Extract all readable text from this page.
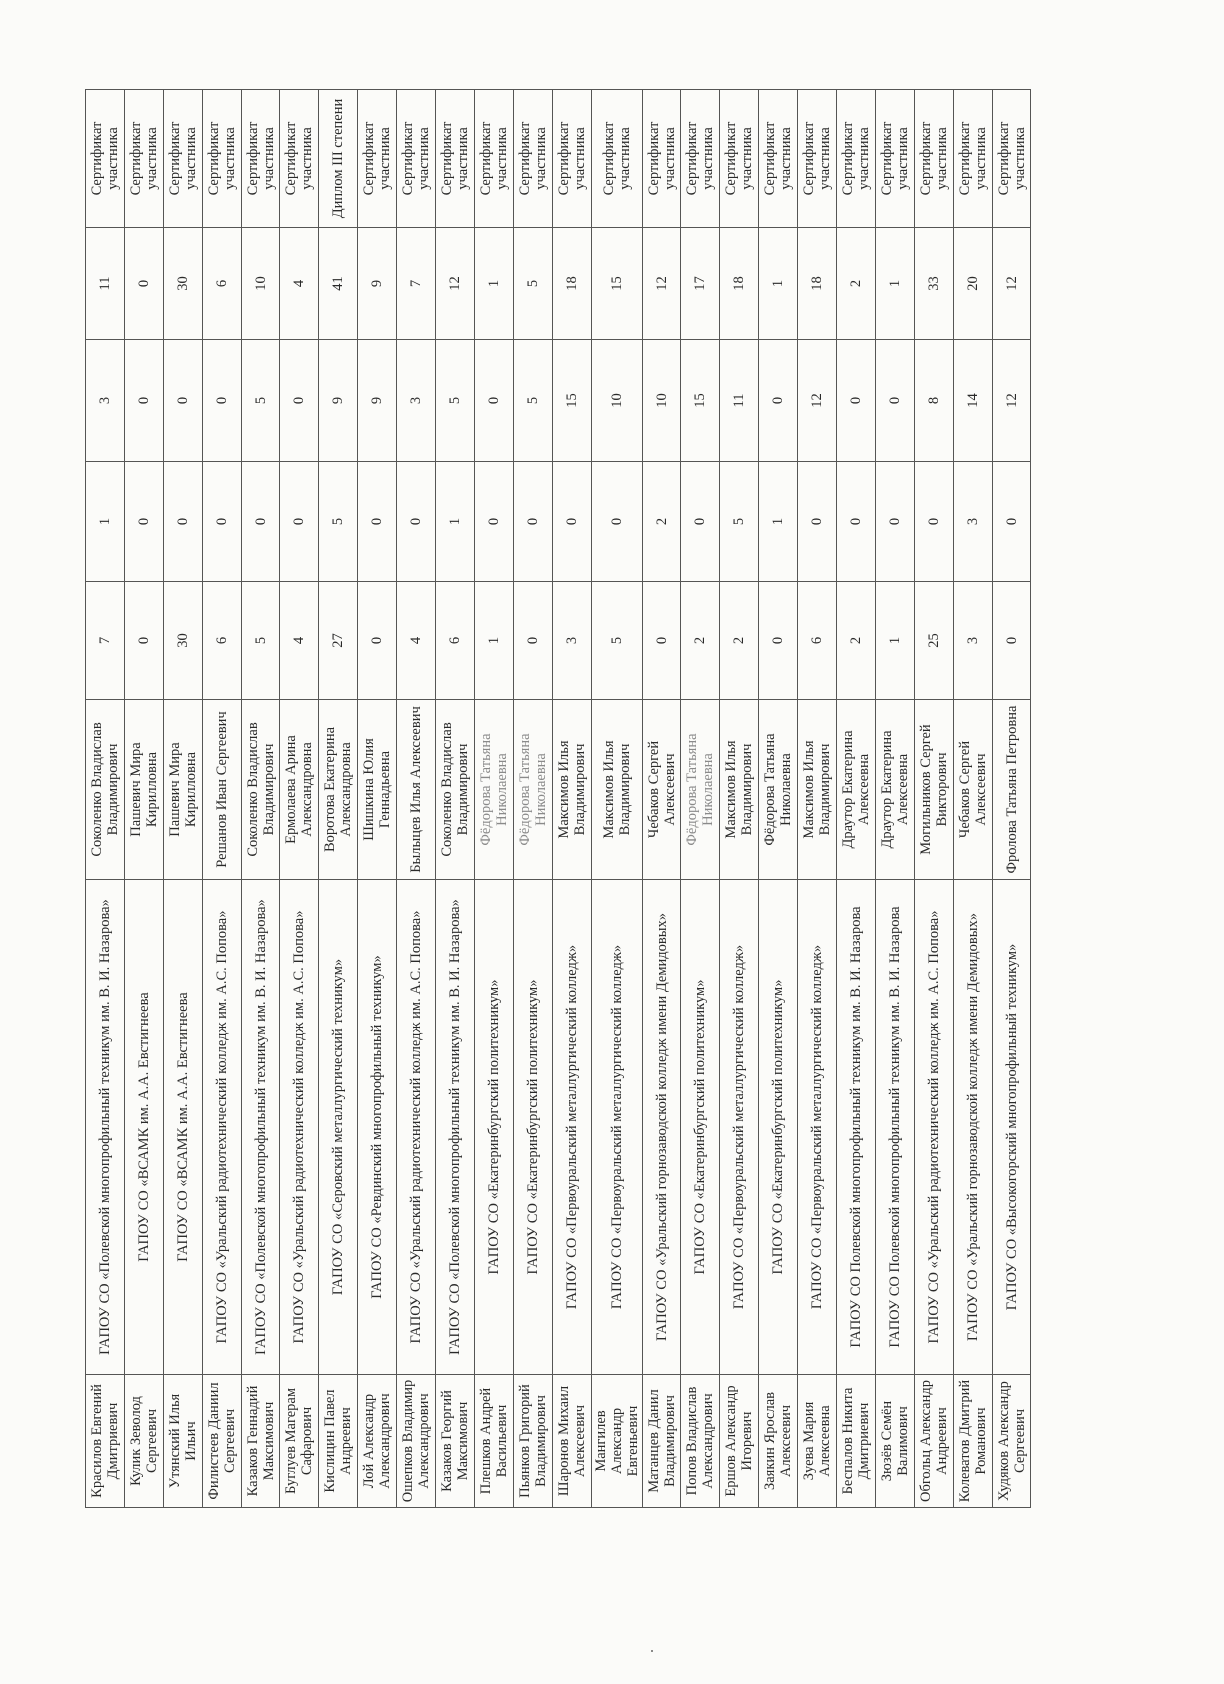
Красилов Евгений Дмитриевич	ГАПОУ СО «Полевской многопрофильный техникум им. В. И. Назарова»	Соколенко Владислав Владимирович	7	1	3	11	Сертификат участника
Кулик Зеволод Сергеевич	ГАПОУ СО «ВСАМК им. А.А. Евстигнеева	Пашевич Мира Кирилловна	0	0	0	0	Сертификат участника
Утянский Илья Ильич	ГАПОУ СО «ВСАМК им. А.А. Евстигнеева	Пашевич Мира Кирилловна	30	0	0	30	Сертификат участника
Филистеев Даниил Сергеевич	ГАПОУ СО «Уральский радиотехнический колледж им. А.С. Попова»	Решанов Иван Сергеевич	6	0	0	6	Сертификат участника
Казаков Геннадий Максимович	ГАПОУ СО «Полевской многопрофильный техникум им. В. И. Назарова»	Соколенко Владислав Владимирович	5	0	5	10	Сертификат участника
Буглуев Магерам Сафарович	ГАПОУ СО «Уральский радиотехнический колледж им. А.С. Попова»	Ермолаева Арина Александровна	4	0	0	4	Сертификат участника
Кислицин Павел Андреевич	ГАПОУ СО «Серовский металлургический техникум»	Воротова Екатерина Александровна	27	5	9	41	Диплом III степени
Лой Александр Александрович	ГАПОУ СО «Ревдинский многопрофильный техникум»	Шишкина Юлия Геннадьевна	0	0	9	9	Сертификат участника
Ошепков Владимир Александрович	ГАПОУ СО «Уральский радиотехнический колледж им. А.С. Попова»	Былыцев Илья Алексеевич	4	0	3	7	Сертификат участника
Казаков Георгий Максимович	ГАПОУ СО «Полевской многопрофильный техникум им. В. И. Назарова»	Соколенко Владислав Владимирович	6	1	5	12	Сертификат участника
Плешков Андрей Васильевич	ГАПОУ СО «Екатеринбургский политехникум»	Фёдорова Татьяна Николаевна	1	0	0	1	Сертификат участника
Пьянков Григорий Владимирович	ГАПОУ СО «Екатеринбургский политехникум»	Фёдорова Татьяна Николаевна	0	0	5	5	Сертификат участника
Шаронов Михаил Алексеевич	ГАПОУ СО «Первоуральский металлургический колледж»	Максимов Илья Владимирович	3	0	15	18	Сертификат участника
Мангилев Александр Евгеньевич	ГАПОУ СО «Первоуральский металлургический колледж»	Максимов Илья Владимирович	5	0	10	15	Сертификат участника
Матанцев Данил Владимирович	ГАПОУ СО «Уральский горнозаводской колледж имени Демидовых»	Чебаков Сергей Алексеевич	0	2	10	12	Сертификат участника
Попов Владислав Александрович	ГАПОУ СО «Екатеринбургский политехникум»	Фёдорова Татьяна Николаевна	2	0	15	17	Сертификат участника
Ершов Александр Игоревич	ГАПОУ СО «Первоуральский металлургический колледж»	Максимов Илья Владимирович	2	5	11	18	Сертификат участника
Заякин Ярослав Алексеевич	ГАПОУ СО «Екатеринбургский политехникум»	Фёдорова Татьяна Николаевна	0	1	0	1	Сертификат участника
Зуева Мария Алексеевна	ГАПОУ СО «Первоуральский металлургический колледж»	Максимов Илья Владимирович	6	0	12	18	Сертификат участника
Беспалов Никита Дмитриевич	ГАПОУ СО Полевской многопрофильный техникум им. В. И. Назарова	Драутор Екатерина Алексеевна	2	0	0	2	Сертификат участника
Зюзёв Семён Валимович	ГАПОУ СО Полевской многопрофильный техникум им. В. И. Назарова	Драутор Екатерина Алексеевна	1	0	0	1	Сертификат участника
Обгольц Александр Андреевич	ГАПОУ СО «Уральский радиотехнический колледж им. А.С. Попова»	Могильников Сергей Викторович	25	0	8	33	Сертификат участника
Колеватов Дмитрий Романович	ГАПОУ СО «Уральский горнозаводской колледж имени Демидовых»	Чебаков Сергей Алексеевич	3	3	14	20	Сертификат участника
Худяков Александр Сергеевич	ГАПОУ СО «Высокогорский многопрофильный техникум»	Фролова Татьяна Петровна	0	0	12	12	Сертификат участника
